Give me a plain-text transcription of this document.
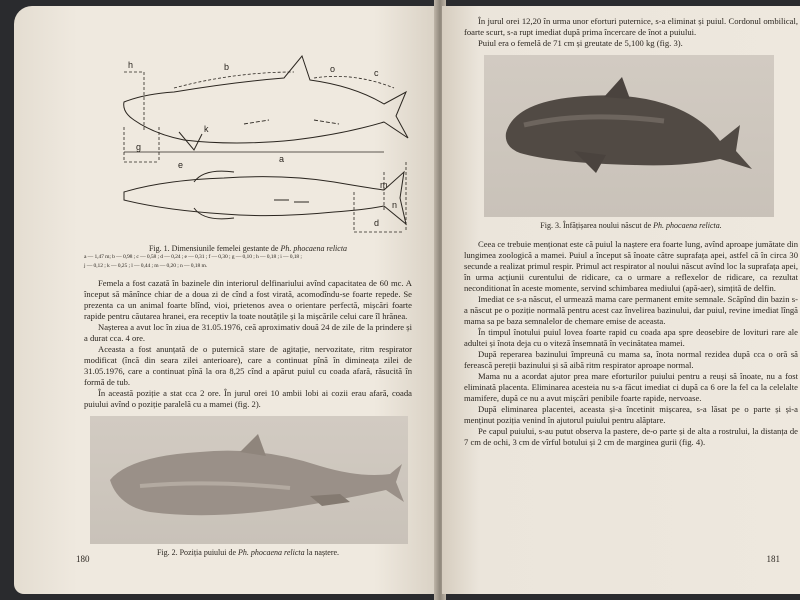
h	b	o	c
g
k
e
a
m
n
d
Fig. 1. Dimensiunile femelei gestante de Ph. phocaena relicta
a — 1,47 m; b — 0,98 ; c — 0,58 ; d — 0,24 ; e — 0,31 ; f — 0,30 ; g — 0,10 ; h — 0,18 ; i — 0,18 ;
j — 0,12 ; k — 0,25 ; l — 0,44 ; m — 0,20 ; n — 0,18 m.

Femela a fost cazată în bazinele din interiorul delfinariului avînd capacitatea de 60 mc. A început să mănînce chiar de a doua zi de cînd a fost virată, acomodîndu-se foarte repede. Se prezenta ca un animal foarte blînd, vioi, prietenos avea o orientare perfectă, mișcări foarte rapide pentru căutarea hranei, era receptiv la toate noutățile și la mișcările celui care îl hrănea.

Nașterea a avut loc în ziua de 31.05.1976, ceă aproximativ două 24 de zile de la prindere și a durat cca. 4 ore.

Aceasta a fost anunțată de o puternică stare de agitație, nervozitate, ritm respirator modificat (încă din seara zilei anterioare), care a continuat pînă în dimineața zilei de 31.05.1976, care a continuat pînă la ora 8,25 cînd a apărut puiul cu coada afară, răsucită în formă de tub.

În această poziție a stat cca 2 ore. În jurul orei 10 ambii lobi ai cozii erau afară, coada puiului avînd o poziție paralelă cu a mamei (fig. 2).

Fig. 2. Poziția puiului de Ph. phocaena relicta la naștere.
180

În jurul orei 12,20 în urma unor eforturi puternice, s-a eliminat și puiul. Cordonul ombilical, foarte scurt, s-a rupt imediat după prima încercare de înot a puiului.

Puiul era o femelă de 71 cm și greutate de 5,100 kg (fig. 3).

Fig. 3. Înfățișarea noului născut de Ph. phocaena relicta.

Ceea ce trebuie menționat este că puiul la naștere era foarte lung, avînd aproape jumătate din lungimea zoologică a mamei. Puiul a început să înoate către suprafața apei, astfel că în circa 30 secunde a realizat primul respir. Primul act respirator al noului născut avînd loc la suprafața apei, în urma acțiunii curentului de ridicare, ca o urmare a reflexelor de ridicare, ca rezultat neconditionat în aceste momente, servind schimbarea mediului (apă-aer), simțită de delfin.

Imediat ce s-a născut, el urmează mama care permanent emite semnale. Scăpînd din bazin s-a născut pe o poziție normală pentru acest caz învelirea bazinului, dar puiul, revine imediat lîngă mama sa pe baza semnalelor de chemare emise de aceasta.

În timpul înotului puiul lovea foarte rapid cu coada apa spre deosebire de lovituri rare ale adultei și înota deja cu o viteză însemnată în vecinătatea mamei.

După reperarea bazinului împreună cu mama sa, înota normal rezidea după cca o oră să ferească pereții bazinului și să aibă ritm respirator aproape normal.

Mama nu a acordat ajutor prea mare eforturilor puiului pentru a reuși să înoate, nu a fost eliminată placenta. Eliminarea acesteia nu s-a făcut imediat ci după ca 6 ore la fel ca la celelalte mamifere, după ce nu a avut mișcări penibile foarte rapide, nervoase.

După eliminarea placentei, aceasta și-a încetinit mișcarea, s-a lăsat pe o parte și și-a menținut poziția venind în ajutorul puiului pentru alăptare.

Pe capul puiului, s-au putut observa la pastere, de-o parte și de alta a rostrului, la distanța de 7 cm de ochi, 3 cm de vîrful botului și 2 cm de marginea gurii (fig. 4).

181
